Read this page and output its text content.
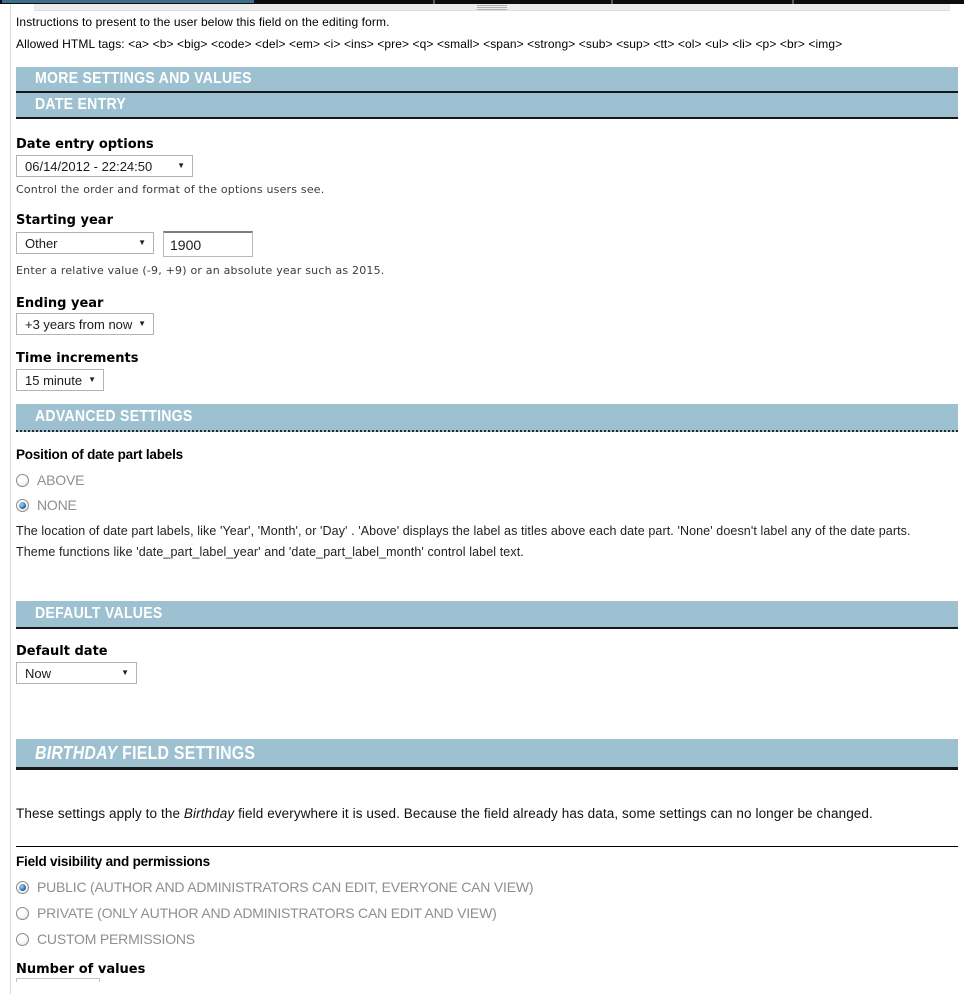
Instructions to present to the user below this field on the editing form.
Allowed HTML tags: <a> <b> <big> <code> <del> <em> <i> <ins> <pre> <q> <small> <span> <strong> <sub> <sup> <tt> <ol> <ul> <li> <p> <br> <img>
MORE SETTINGS AND VALUES
DATE ENTRY
Date entry options
06/14/2012 - 22:24:50	▼
Control the order and format of the options users see.
Starting year
Other	▼
1900
Enter a relative value (-9, +9) or an absolute year such as 2015.
Ending year
+3 years from now ▼
Time increments
15 minute ▼
ADVANCED SETTINGS
Position of date part labels
ABOVE
NONE
The location of date part labels, like 'Year', 'Month', or 'Day' . 'Above' displays the label as titles above each date part. 'None' doesn't label any of the date parts.
Theme functions like 'date_part_label_year' and 'date_part_label_month' control label text.
DEFAULT VALUES
Default date
Now	▼
BIRTHDAY FIELD SETTINGS
These settings apply to the Birthday field everywhere it is used. Because the field already has data, some settings can no longer be changed.
Field visibility and permissions
PUBLIC (AUTHOR AND ADMINISTRATORS CAN EDIT, EVERYONE CAN VIEW)
PRIVATE (ONLY AUTHOR AND ADMINISTRATORS CAN EDIT AND VIEW)
CUSTOM PERMISSIONS
Number of values
